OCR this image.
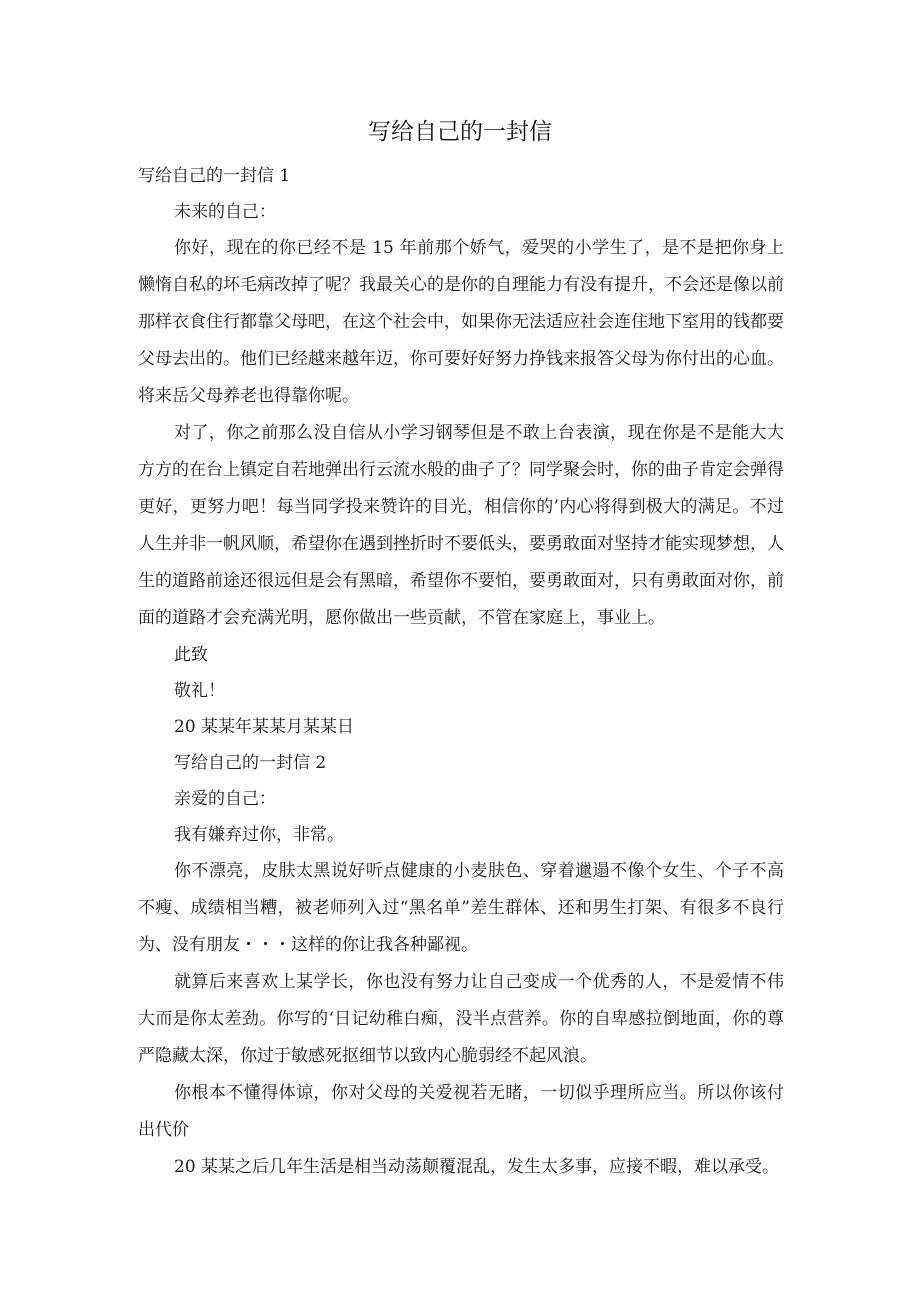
写给自己的一封信

写给自己的一封信 1

未来的自己：

你好，现在的你已经不是 15 年前那个娇气，爱哭的小学生了，是不是把你身上懒惰自私的坏毛病改掉了呢？我最关心的是你的自理能力有没有提升，不会还是像以前那样衣食住行都靠父母吧，在这个社会中，如果你无法适应社会连住地下室用的钱都要父母去出的。他们已经越来越年迈，你可要好好努力挣钱来报答父母为你付出的心血。将来岳父母养老也得靠你呢。

对了，你之前那么没自信从小学习钢琴但是不敢上台表演，现在你是不是能大大方方的在台上镇定自若地弹出行云流水般的曲子了？同学聚会时，你的曲子肯定会弹得更好，更努力吧！每当同学投来赞许的目光，相信你的’内心将得到极大的满足。不过人生并非一帆风顺，希望你在遇到挫折时不要低头，要勇敢面对坚持才能实现梦想，人生的道路前途还很远但是会有黑暗，希望你不要怕，要勇敢面对，只有勇敢面对你，前面的道路才会充满光明，愿你做出一些贡献，不管在家庭上，事业上。

此致

敬礼！

20 某某年某某月某某日

写给自己的一封信 2

亲爱的自己：

我有嫌弃过你，非常。

你不漂亮，皮肤太黑说好听点健康的小麦肤色、穿着邋遢不像个女生、个子不高不瘦、成绩相当糟，被老师列入过“黑名单”差生群体、还和男生打架、有很多不良行为、没有朋友・・・这样的你让我各种鄙视。

就算后来喜欢上某学长，你也没有努力让自己变成一个优秀的人，不是爱情不伟大而是你太差劲。你写的‘日记幼稚白痴，没半点营养。你的自卑感拉倒地面，你的尊严隐藏太深，你过于敏感死抠细节以致内心脆弱经不起风浪。

你根本不懂得体谅，你对父母的关爱视若无睹，一切似乎理所应当。所以你该付出代价

20 某某之后几年生活是相当动荡颠覆混乱，发生太多事，应接不暇，难以承受。
